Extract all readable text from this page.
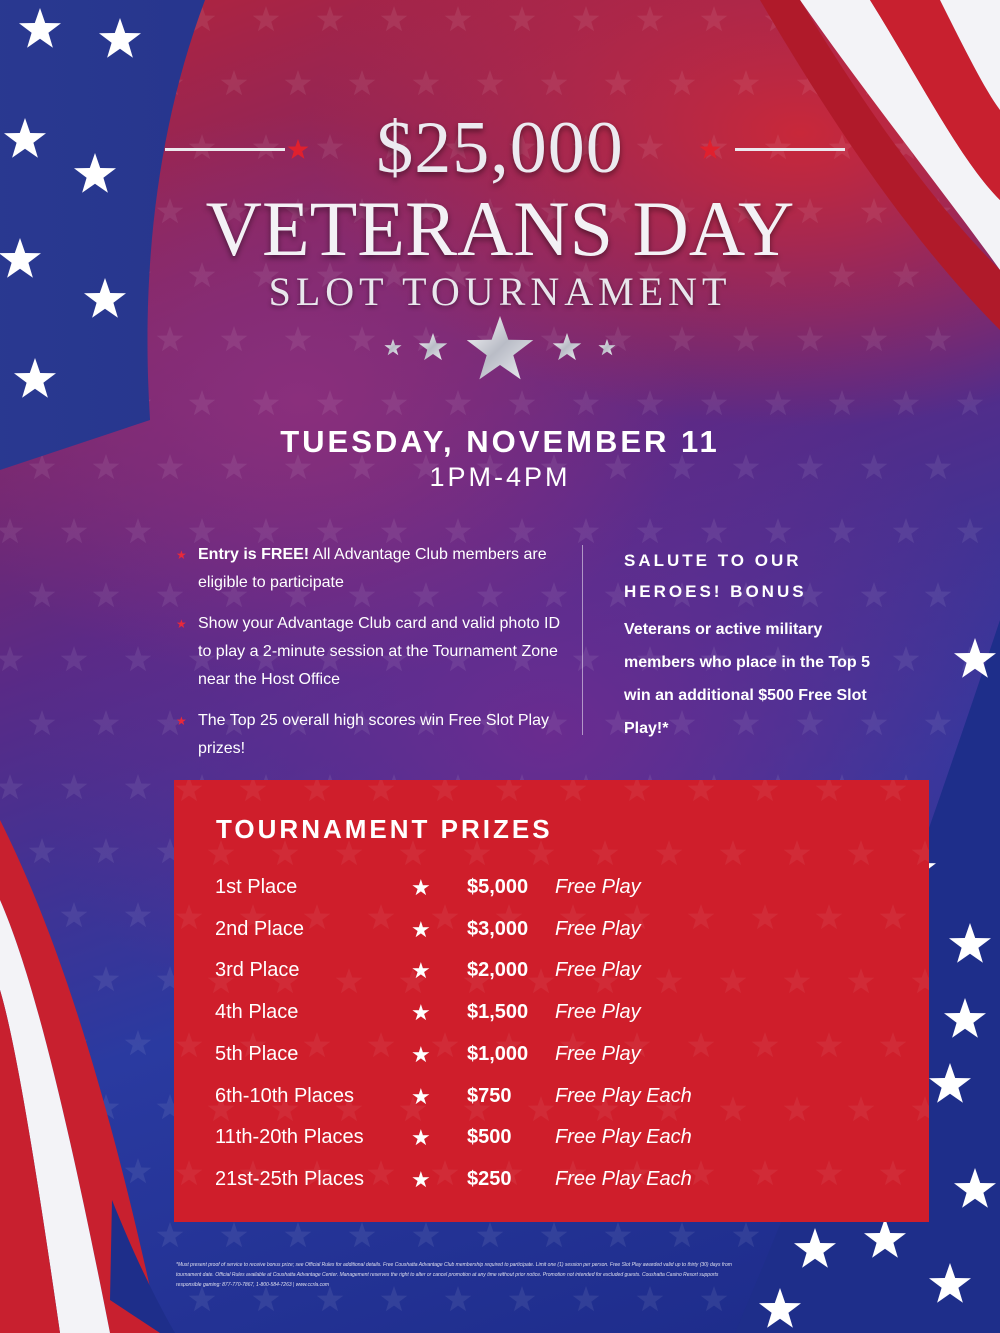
$25,000
VETERANS DAY
SLOT TOURNAMENT
TUESDAY, NOVEMBER 11
1PM-4PM
★ Entry is FREE! All Advantage Club members are eligible to participate
★ Show your Advantage Club card and valid photo ID to play a 2-minute session at the Tournament Zone near the Host Office
★ The Top 25 overall high scores win Free Slot Play prizes!
SALUTE TO OUR HEROES! BONUS
Veterans or active military members who place in the Top 5 win an additional $500 Free Slot Play!*
TOURNAMENT PRIZES
1st Place	★ $5,000 Free Play
2nd Place	★ $3,000 Free Play
3rd Place	★ $2,000 Free Play
4th Place	★ $1,500 Free Play
5th Place	★ $1,000 Free Play
6th-10th Places	★ $750 Free Play Each
11th-20th Places ★ $500 Free Play Each
21st-25th Places ★ $250 Free Play Each
*Must present proof of service to receive bonus prize; see Official Rules for additional details. Free Coushatta Advantage Club membership required to participate. Limit one (1) session per person. Free Slot Play awarded valid up to thirty (30) days from tournament date. Official Rules available at Coushatta Advantage Center. Management reserves the right to alter or cancel promotion at any time without prior notice. Promotion not intended for excluded guests. Coushatta Casino Resort supports responsible gaming: 877-770-7867, 1-800-584-7263 | www.ccrla.com
